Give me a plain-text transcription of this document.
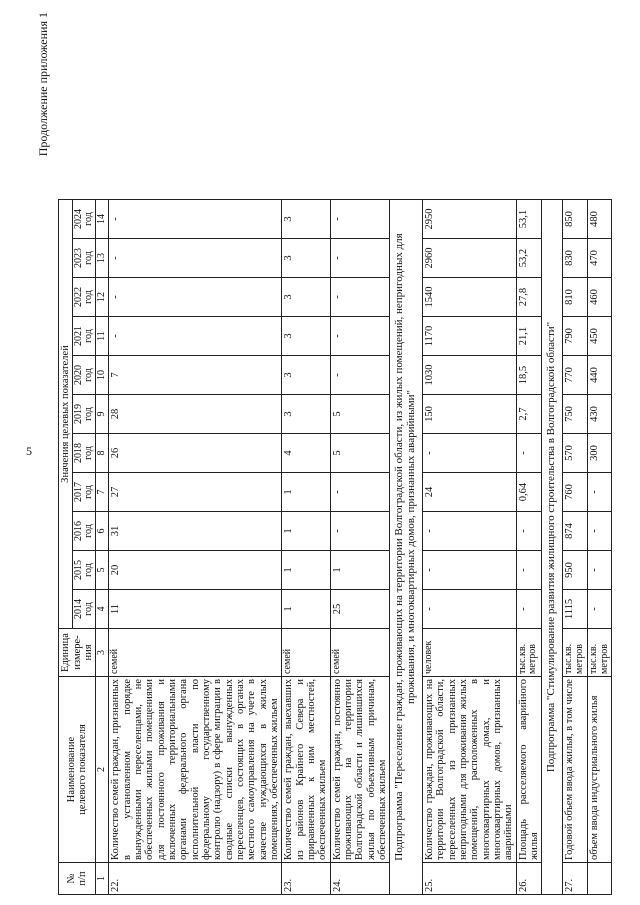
5
Продолжение приложения 1
№
п/п	Наименование
целевого показателя	Единица
измере-
ния	Значения целевых показателей										
			2014 год	2015 год	2016 год	2017 год	2018 год	2019 год	2020 год	2021 год	2022 год	2023 год	2024 год
1	2	3	4	5	6	7	8	9	10	11	12	13	14
22.	Количество семей граждан, признанных в установленном порядке вынужденными переселенцами, не обеспеченных жилыми помещениями для постоянного проживания и включенных территориальными органами федерального органа исполнительной власти по федеральному государственному контролю (надзору) в сфере миграции в сводные списки вынужденных переселенцев, состоящих в органах местного самоуправления на учете в качестве нуждающихся в жилых помещениях, обеспеченных жильем	семей	11	20	31	27	26	28	7	-	-	-	-
23.	Количество семей граждан, выехавших из районов Крайнего Севера и приравненных к ним местностей, обеспеченных жильем	семей	1	1	1	1	4	3	3	3	3	3	3
24.	Количество семей граждан, постоянно проживающих на территории Волгоградской области и лишившихся жилья по объективным причинам, обеспеченных жильем	семей	25	1	-	-	5	5	-	-	-	-	-
Подпрограмма "Переселение граждан, проживающих на территории Волгоградской области, из жилых помещений, непригодных для проживания, и многоквартирных домов, признанных аварийными"													
25.	Количество граждан, проживающих на территории Волгоградской области, переселенных из признанных непригодными для проживания жилых помещений, расположенных в многоквартирных домах, и многоквартирных домов, признанных аварийными	человек	-	-	-	24	-	150	1030	1170	1540	2960	2950
26.	Площадь расселяемого аварийного жилья	тыс.кв. метров	-	-	-	0,64	-	2,7	18,5	21,1	27,8	53,2	53,1
Подпрограмма "Стимулирование развития жилищного строительства в Волгоградской области"													
27.	Годовой объем ввода жилья, в том числе	тыс.кв. метров	1115	950	874	760	570	750	770	790	810	830	850
	объем ввода индустриального жилья	тыс.кв. метров	-	-	-	-	300	430	440	450	460	470	480
